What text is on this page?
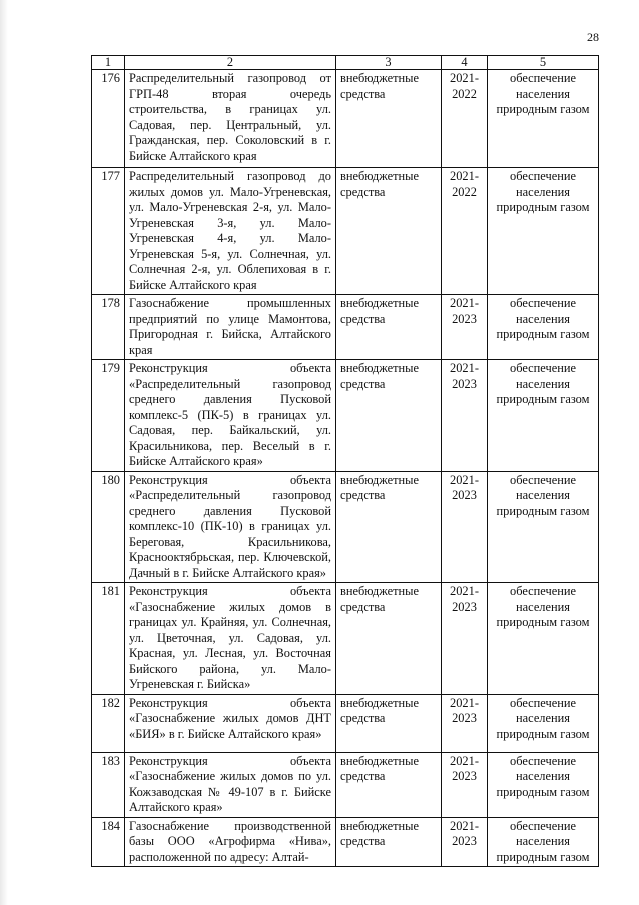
28
1	2	3	4	5
176	Распределительный газопровод от ГРП-48 вторая очередь строительства, в границах ул. Садовая, пер. Центральный, ул. Гражданская, пер. Соколовский в г. Бийске Алтайского края	внебюджетные средства	2021-2022	обеспечение населения природным газом
177	Распределительный газопровод до жилых домов ул. Мало-Угреневская, ул. Мало-Угреневская 2-я, ул. Мало-Угреневская 3-я, ул. Мало-Угреневская 4-я, ул. Мало-Угреневская 5-я, ул. Солнечная, ул. Солнечная 2-я, ул. Облепиховая в г. Бийске Алтайского края	внебюджетные средства	2021-2022	обеспечение населения природным газом
178	Газоснабжение промышленных предприятий по улице Мамонтова, Пригородная г. Бийска, Алтайского края	внебюджетные средства	2021-2023	обеспечение населения природным газом
179	Реконструкция объекта «Распределительный газопровод среднего давления Пусковой комплекс-5 (ПК-5) в границах ул. Садовая, пер. Байкальский, ул. Красильникова, пер. Веселый в г. Бийске Алтайского края»	внебюджетные средства	2021-2023	обеспечение населения природным газом
180	Реконструкция объекта «Распределительный газопровод среднего давления Пусковой комплекс-10 (ПК-10) в границах ул. Береговая, Красильникова, Краснооктябрьская, пер. Ключевской, Дачный в г. Бийске Алтайского края»	внебюджетные средства	2021-2023	обеспечение населения природным газом
181	Реконструкция объекта «Газоснабжение жилых домов в границах ул. Крайняя, ул. Солнечная, ул. Цветочная, ул. Садовая, ул. Красная, ул. Лесная, ул. Восточная Бийского района, ул. Мало-Угреневская г. Бийска»	внебюджетные средства	2021-2023	обеспечение населения природным газом
182	Реконструкция объекта «Газоснабжение жилых домов ДНТ «БИЯ» в г. Бийске Алтайского края»	внебюджетные средства	2021-2023	обеспечение населения природным газом
183	Реконструкция объекта «Газоснабжение жилых домов по ул. Кожзаводская № 49-107 в г. Бийске Алтайского края»	внебюджетные средства	2021-2023	обеспечение населения природным газом
184	Газоснабжение производственной базы ООО «Агрофирма «Нива», расположенной по адресу: Алтай-	внебюджетные средства	2021-2023	обеспечение населения природным газом
